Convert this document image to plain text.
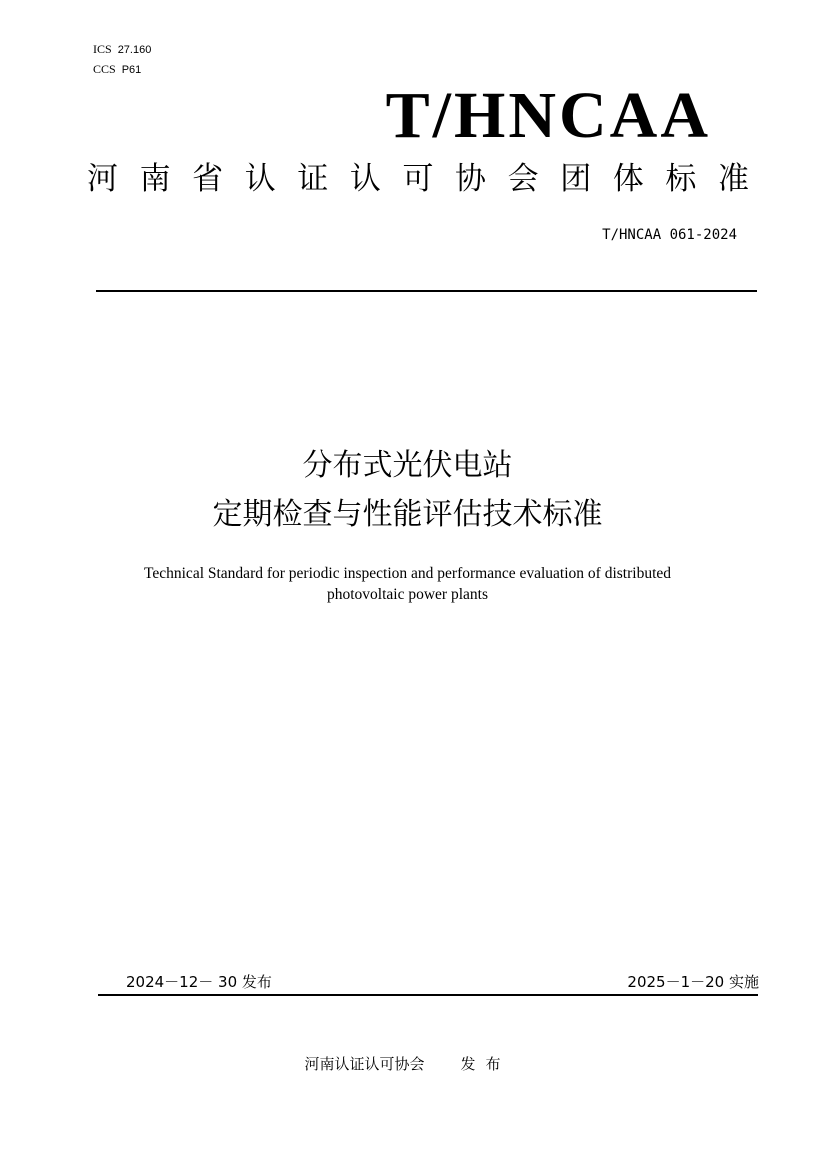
ICS 27.160
CCS P61
T/HNCAA
河 南 省 认 证 认 可 协 会 团 体 标 准
T/HNCAA 061-2024
分布式光伏电站
定期检查与性能评估技术标准
Technical Standard for periodic inspection and performance evaluation of distributed
photovoltaic power plants
2024－12－ 30 发布	2025－1－20 实施
河南认证认可协会 发布
